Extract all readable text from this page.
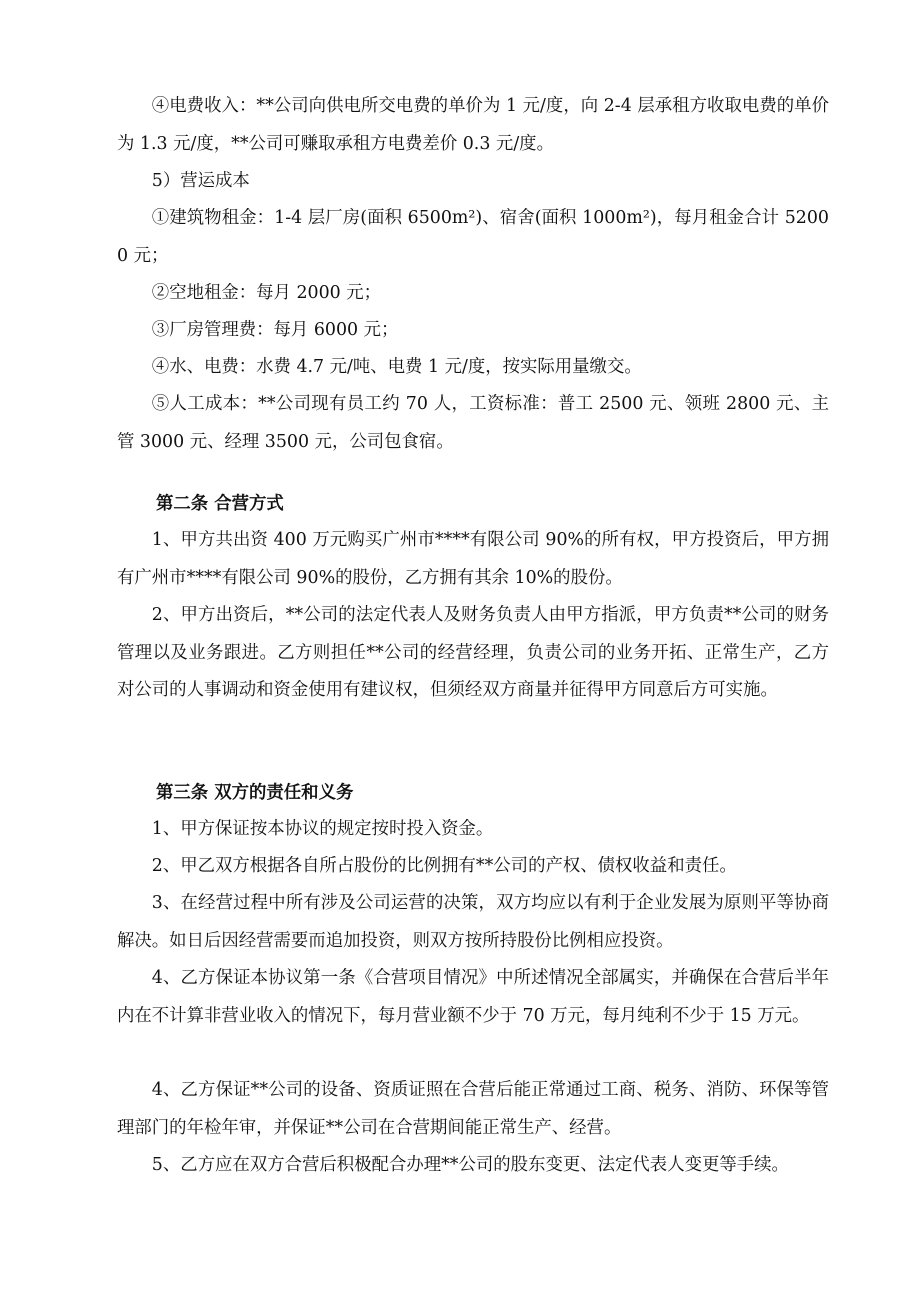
④电费收入：**公司向供电所交电费的单价为 1 元/度，向 2-4 层承租方收取电费的单价为 1.3 元/度，**公司可赚取承租方电费差价 0.3 元/度。

5）营运成本

①建筑物租金：1-4 层厂房(面积 6500m²)、宿舍(面积 1000m²)，每月租金合计 52000 元；

②空地租金：每月 2000 元；

③厂房管理费：每月 6000 元；

④水、电费：水费 4.7 元/吨、电费 1 元/度，按实际用量缴交。

⑤人工成本：**公司现有员工约 70 人，工资标准：普工 2500 元、领班 2800 元、主管 3000 元、经理 3500 元，公司包食宿。

第二条 合营方式

1、甲方共出资 400 万元购买广州市****有限公司 90%的所有权，甲方投资后，甲方拥有广州市****有限公司 90%的股份，乙方拥有其余 10%的股份。

2、甲方出资后，**公司的法定代表人及财务负责人由甲方指派，甲方负责**公司的财务管理以及业务跟进。乙方则担任**公司的经营经理，负责公司的业务开拓、正常生产，乙方对公司的人事调动和资金使用有建议权，但须经双方商量并征得甲方同意后方可实施。

第三条 双方的责任和义务

1、甲方保证按本协议的规定按时投入资金。

2、甲乙双方根据各自所占股份的比例拥有**公司的产权、债权收益和责任。

3、在经营过程中所有涉及公司运营的决策，双方均应以有利于企业发展为原则平等协商解决。如日后因经营需要而追加投资，则双方按所持股份比例相应投资。

4、乙方保证本协议第一条《合营项目情况》中所述情况全部属实，并确保在合营后半年内在不计算非营业收入的情况下，每月营业额不少于 70 万元，每月纯利不少于 15 万元。

4、乙方保证**公司的设备、资质证照在合营后能正常通过工商、税务、消防、环保等管理部门的年检年审，并保证**公司在合营期间能正常生产、经营。

5、乙方应在双方合营后积极配合办理**公司的股东变更、法定代表人变更等手续。
